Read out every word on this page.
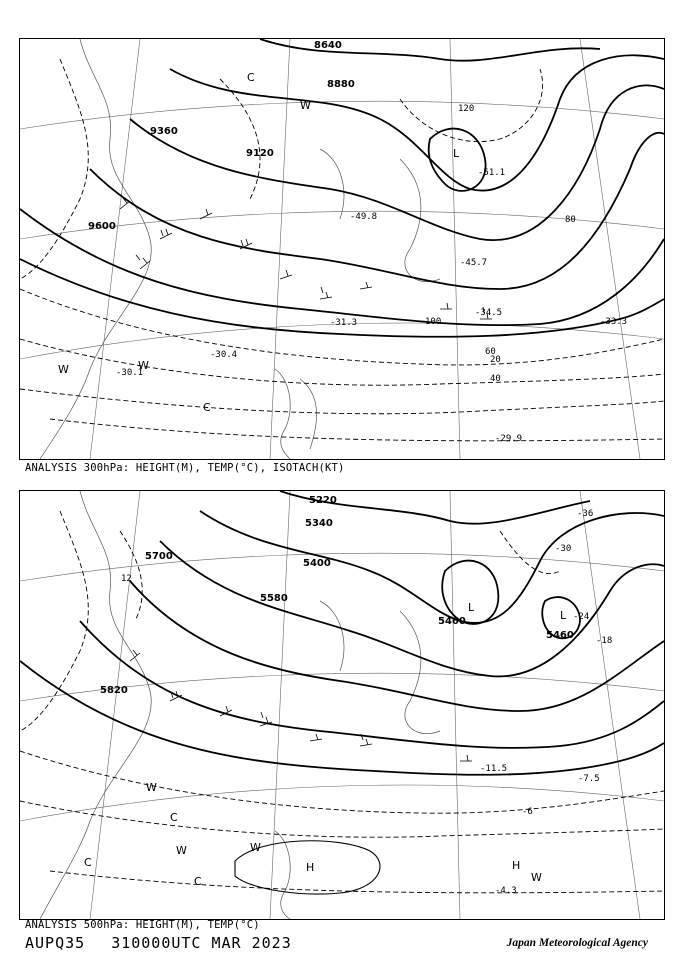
8640
8880
9120
9360
9600
20
40
60
80
100
120
-29.9
-30.1
-30.4
-31.3	-33.3
-34.5
-45.7
-49.8
-51.1
L
C
W
W
C
W
ANALYSIS 300hPa: HEIGHT(M), TEMP(°C), ISOTACH(KT)
5220
5340
5400
5460
5580
5700
5820
5460
12
-36
-24
-18
-6
-30
-7.5
-11.5
-4.3
L
L
H	H
C
C
C
W
W	W
W
ANALYSIS 500hPa: HEIGHT(M), TEMP(°C)
AUPQ35 310000UTC MAR 2023	Japan Meteorological Agency
